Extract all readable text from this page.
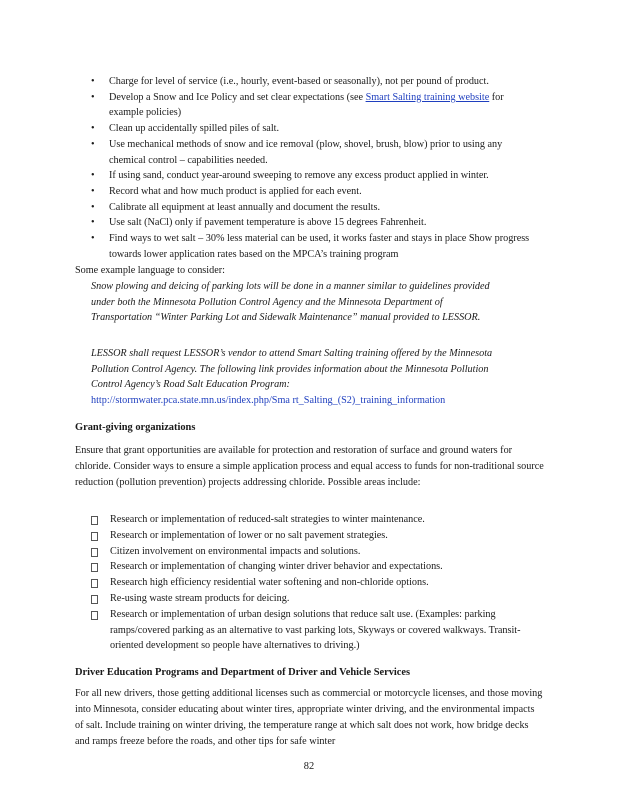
• Charge for level of service (i.e., hourly, event-based or seasonally), not per pound of product.
• Develop a Snow and Ice Policy and set clear expectations (see Smart Salting training website for example policies)
• Clean up accidentally spilled piles of salt.
• Use mechanical methods of snow and ice removal (plow, shovel, brush, blow) prior to using any chemical control – capabilities needed.
• If using sand, conduct year-around sweeping to remove any excess product applied in winter.
• Record what and how much product is applied for each event.
• Calibrate all equipment at least annually and document the results.
• Use salt (NaCl) only if pavement temperature is above 15 degrees Fahrenheit.
• Find ways to wet salt – 30% less material can be used, it works faster and stays in place Show progress towards lower application rates based on the MPCA’s training program
Some example language to consider:
Snow plowing and deicing of parking lots will be done in a manner similar to guidelines provided under both the Minnesota Pollution Control Agency and the Minnesota Department of Transportation “Winter Parking Lot and Sidewalk Maintenance” manual provided to LESSOR.
LESSOR shall request LESSOR’s vendor to attend Smart Salting training offered by the Minnesota Pollution Control Agency. The following link provides information about the Minnesota Pollution Control Agency’s Road Salt Education Program:
http://stormwater.pca.state.mn.us/index.php/Sma rt_Salting_(S2)_training_information
Grant-giving organizations
Ensure that grant opportunities are available for protection and restoration of surface and ground waters for chloride. Consider ways to ensure a simple application process and equal access to funds for non-traditional source reduction (pollution prevention) projects addressing chloride. Possible areas include:
Research or implementation of reduced-salt strategies to winter maintenance.
Research or implementation of lower or no salt pavement strategies.
Citizen involvement on environmental impacts and solutions.
Research or implementation of changing winter driver behavior and expectations.
Research high efficiency residential water softening and non-chloride options.
Re-using waste stream products for deicing.
Research or implementation of urban design solutions that reduce salt use. (Examples: parking ramps/covered parking as an alternative to vast parking lots, Skyways or covered walkways. Transit-oriented development so people have alternatives to driving.)
Driver Education Programs and Department of Driver and Vehicle Services
For all new drivers, those getting additional licenses such as commercial or motorcycle licenses, and those moving into Minnesota, consider educating about winter tires, appropriate winter driving, and the environmental impacts of salt. Include training on winter driving, the temperature range at which salt does not work, how bridge decks and ramps freeze before the roads, and other tips for safe winter
82
